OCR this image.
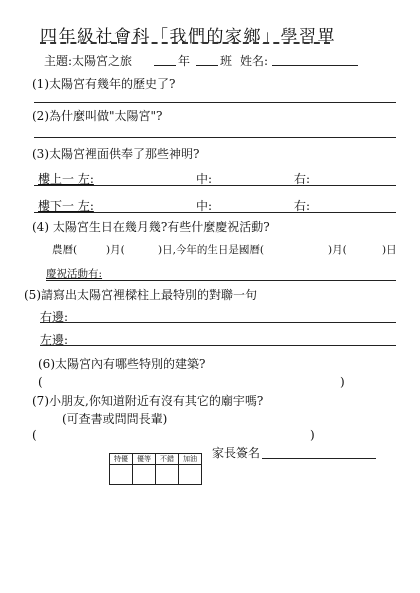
四年級社會科「我們的家鄉」學習單
主題:太陽宮之旅	年 班 姓名:
(1)太陽宮有幾年的歷史了?
(2)為什麼叫做"太陽宮"?
(3)太陽宮裡面供奉了那些神明?
樓上一 左:	中:	右:
樓下一 左:	中:	右:
(4) 太陽宮生日在幾月幾?有些什麼慶祝活動?
農曆(	)月(	)日,今年的生日是國曆(	)月(	)日
慶祝活動有:
(5)請寫出太陽宮裡樑柱上最特別的對聯一句
右邊:
左邊:
(6)太陽宮內有哪些特別的建築?
(	)
(7)小朋友,你知道附近有沒有其它的廟宇嗎?
(可查書或問問長輩)
(	)
家長簽名
特優	優等	不錯	加油
